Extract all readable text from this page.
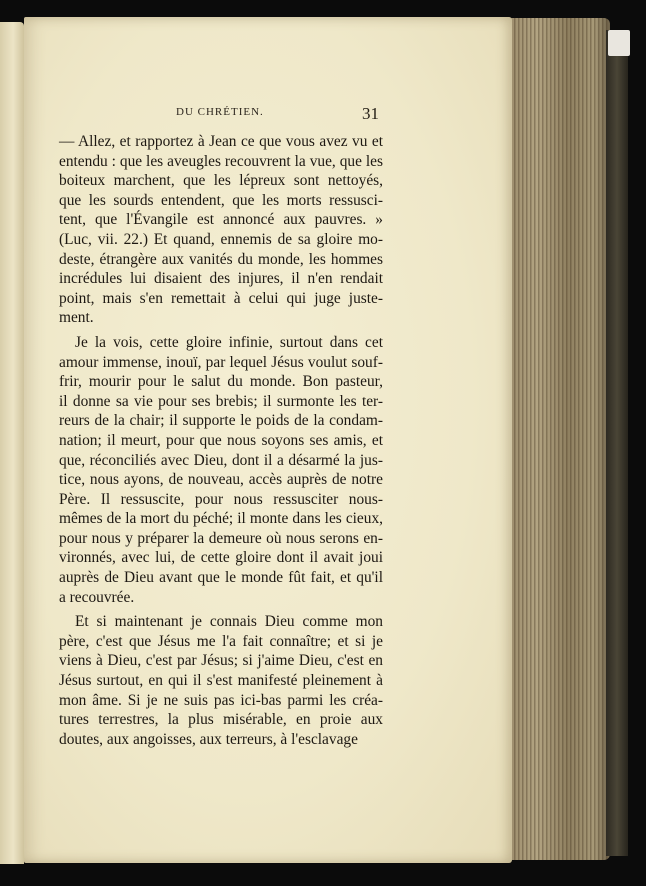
DU CHRÉTIEN.	31
— Allez, et rapportez à Jean ce que vous avez vu et
entendu : que les aveugles recouvrent la vue, que les
boiteux marchent, que les lépreux sont nettoyés,
que les sourds entendent, que les morts ressusci-
tent, que l'Évangile est annoncé aux pauvres. »
(Luc, vii. 22.) Et quand, ennemis de sa gloire mo-
deste, étrangère aux vanités du monde, les hommes
incrédules lui disaient des injures, il n'en rendait
point, mais s'en remettait à celui qui juge juste-
ment.
Je la vois, cette gloire infinie, surtout dans cet
amour immense, inouï, par lequel Jésus voulut souf-
frir, mourir pour le salut du monde. Bon pasteur,
il donne sa vie pour ses brebis; il surmonte les ter-
reurs de la chair; il supporte le poids de la condam-
nation; il meurt, pour que nous soyons ses amis, et
que, réconciliés avec Dieu, dont il a désarmé la jus-
tice, nous ayons, de nouveau, accès auprès de notre
Père. Il ressuscite, pour nous ressusciter nous-
mêmes de la mort du péché; il monte dans les cieux,
pour nous y préparer la demeure où nous serons en-
vironnés, avec lui, de cette gloire dont il avait joui
auprès de Dieu avant que le monde fût fait, et qu'il
a recouvrée.
Et si maintenant je connais Dieu comme mon
père, c'est que Jésus me l'a fait connaître; et si je
viens à Dieu, c'est par Jésus; si j'aime Dieu, c'est en
Jésus surtout, en qui il s'est manifesté pleinement à
mon âme. Si je ne suis pas ici-bas parmi les créa-
tures terrestres, la plus misérable, en proie aux
doutes, aux angoisses, aux terreurs, à l'esclavage
